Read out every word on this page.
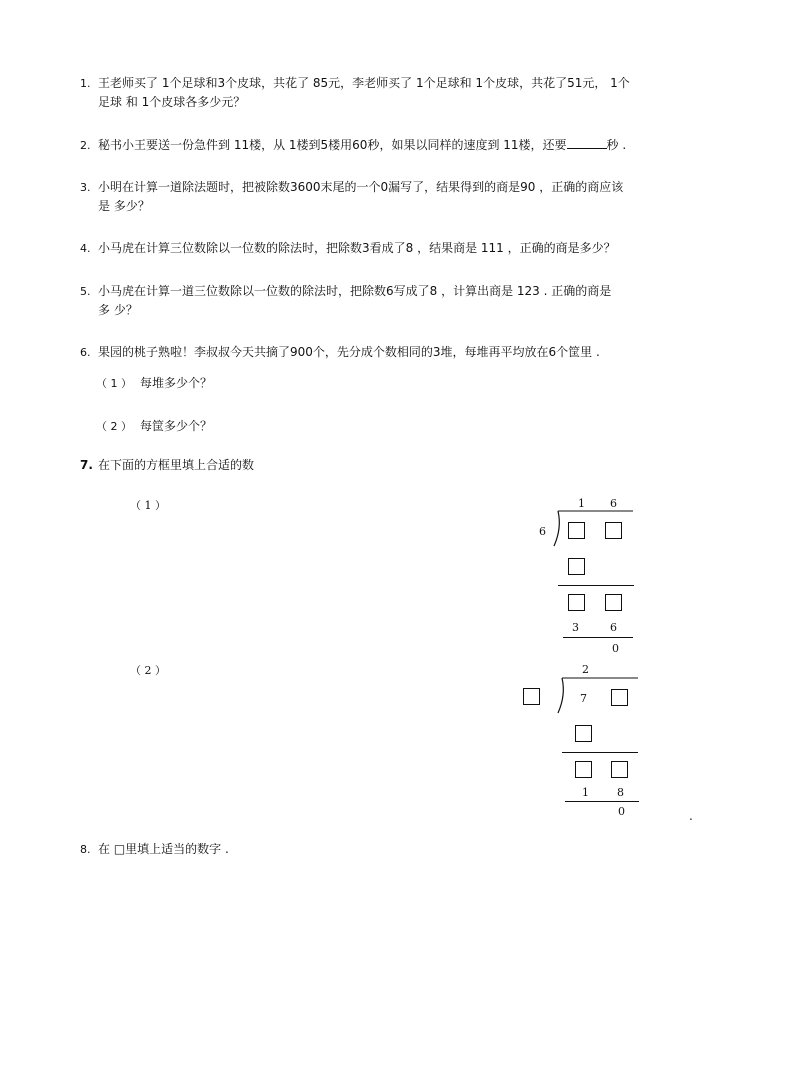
1. 王老师买了 1个足球和3个皮球，共花了 85元，李老师买了 1个足球和 1个皮球，共花了51元， 1个
足球 和 1个皮球各多少元？
2. 秘书小王要送一份急件到 11楼，从 1楼到5楼用60秒，如果以同样的速度到 11楼，还要	秒 .
3. 小明在计算一道除法题时，把被除数3600末尾的一个0漏写了，结果得到的商是90 ，正确的商应该
是 多少？
4. 小马虎在计算三位数除以一位数的除法时，把除数3看成了8 ，结果商是 111 ，正确的商是多少？
5. 小马虎在计算一道三位数除以一位数的除法时，把除数6写成了8 ，计算出商是 123 . 正确的商是
多 少？
6. 果园的桃子熟啦！李叔叔今天共摘了900个，先分成个数相同的3堆，每堆再平均放在6个筐里 .
（ 1 ） 每堆多少个？
（ 2 ） 每筐多少个？
7. 在下面的方框里填上合适的数
（ 1 ）	1 6
6
3	6
0
（ 2 ）	2
7
1	8
0	.
8. 在 □里填上适当的数字 .
